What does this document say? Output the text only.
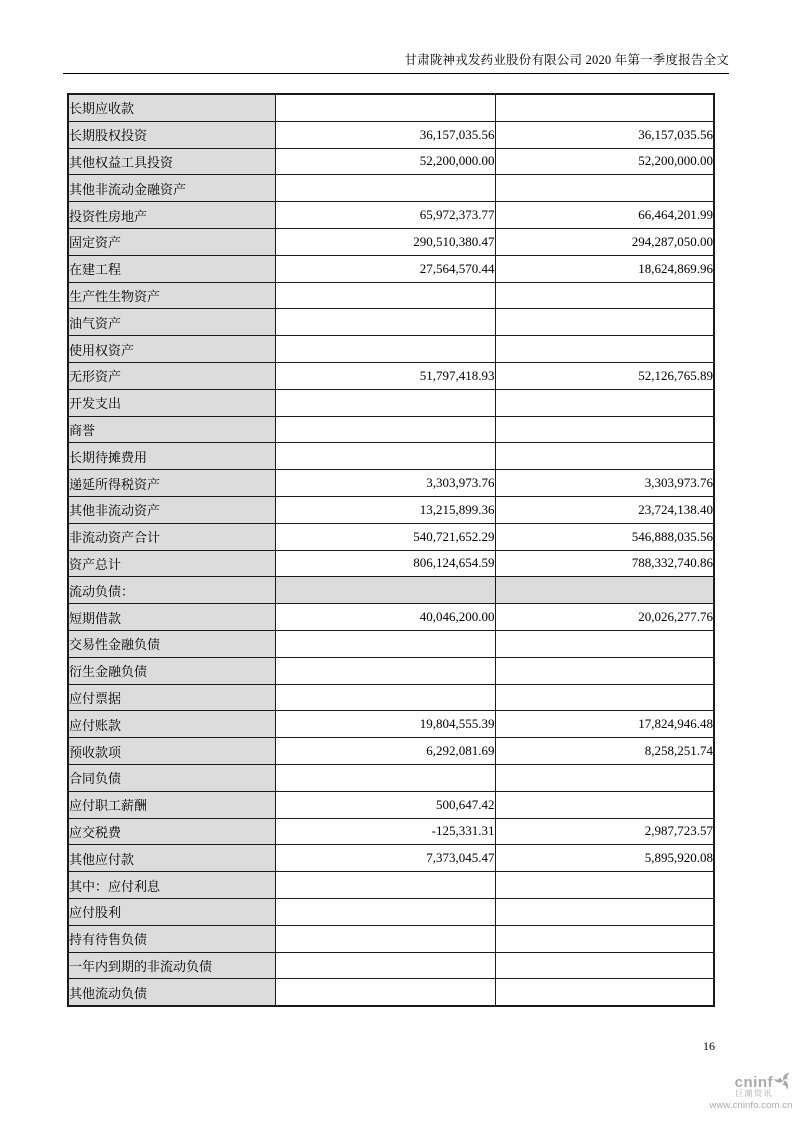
甘肃陇神戎发药业股份有限公司 2020 年第一季度报告全文
长期应收款		
长期股权投资	36,157,035.56	36,157,035.56
其他权益工具投资	52,200,000.00	52,200,000.00
其他非流动金融资产		
投资性房地产	65,972,373.77	66,464,201.99
固定资产	290,510,380.47	294,287,050.00
在建工程	27,564,570.44	18,624,869.96
生产性生物资产		
油气资产		
使用权资产		
无形资产	51,797,418.93	52,126,765.89
开发支出		
商誉		
长期待摊费用		
递延所得税资产	3,303,973.76	3,303,973.76
其他非流动资产	13,215,899.36	23,724,138.40
非流动资产合计	540,721,652.29	546,888,035.56
资产总计	806,124,654.59	788,332,740.86
流动负债：		
短期借款	40,046,200.00	20,026,277.76
交易性金融负债		
衍生金融负债		
应付票据		
应付账款	19,804,555.39	17,824,946.48
预收款项	6,292,081.69	8,258,251.74
合同负债		
应付职工薪酬	500,647.42	
应交税费	-125,331.31	2,987,723.57
其他应付款	7,373,045.47	5,895,920.08
其中：应付利息		
应付股利		
持有待售负债		
一年内到期的非流动负债		
其他流动负债		
16
cninf
巨潮资讯
www.cninfo.com.cn
